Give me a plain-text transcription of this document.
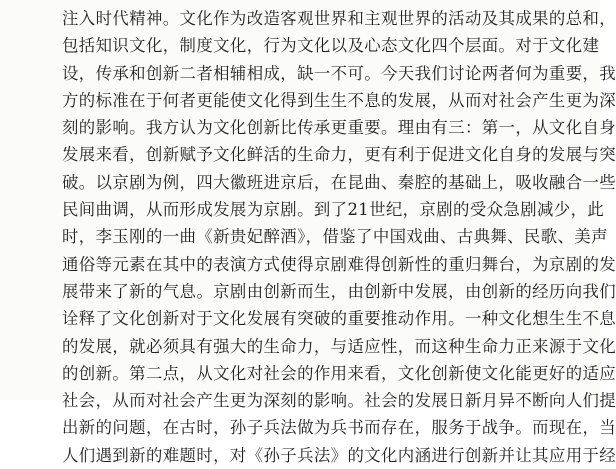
注入时代精神。文化作为改造客观世界和主观世界的活动及其成果的总和，
包括知识文化，制度文化，行为文化以及心态文化四个层面。对于文化建
设，传承和创新二者相辅相成，缺一不可。今天我们讨论两者何为重要，我
方的标准在于何者更能使文化得到生生不息的发展，从而对社会产生更为深
刻的影响。我方认为文化创新比传承更重要。理由有三：第一，从文化自身
发展来看，创新赋予文化鲜活的生命力，更有利于促进文化自身的发展与突
破。以京剧为例，四大徽班进京后，在昆曲、秦腔的基础上，吸收融合一些
民间曲调，从而形成发展为京剧。到了21世纪，京剧的受众急剧减少，此
时，李玉刚的一曲《新贵妃醉酒》，借鉴了中国戏曲、古典舞、民歌、美声
通俗等元素在其中的表演方式使得京剧难得创新性的重归舞台，为京剧的发
展带来了新的气息。京剧由创新而生，由创新中发展，由创新的经历向我们
诠释了文化创新对于文化发展有突破的重要推动作用。一种文化想生生不息
的发展，就必须具有强大的生命力，与适应性，而这种生命力正来源于文化
的创新。第二点，从文化对社会的作用来看，文化创新使文化能更好的适应
社会，从而对社会产生更为深刻的影响。社会的发展日新月异不断向人们提
出新的问题，在古时，孙子兵法做为兵书而存在，服务于战争。而现在，当
人们遇到新的难题时，对《孙子兵法》的文化内涵进行创新并让其应用于经
